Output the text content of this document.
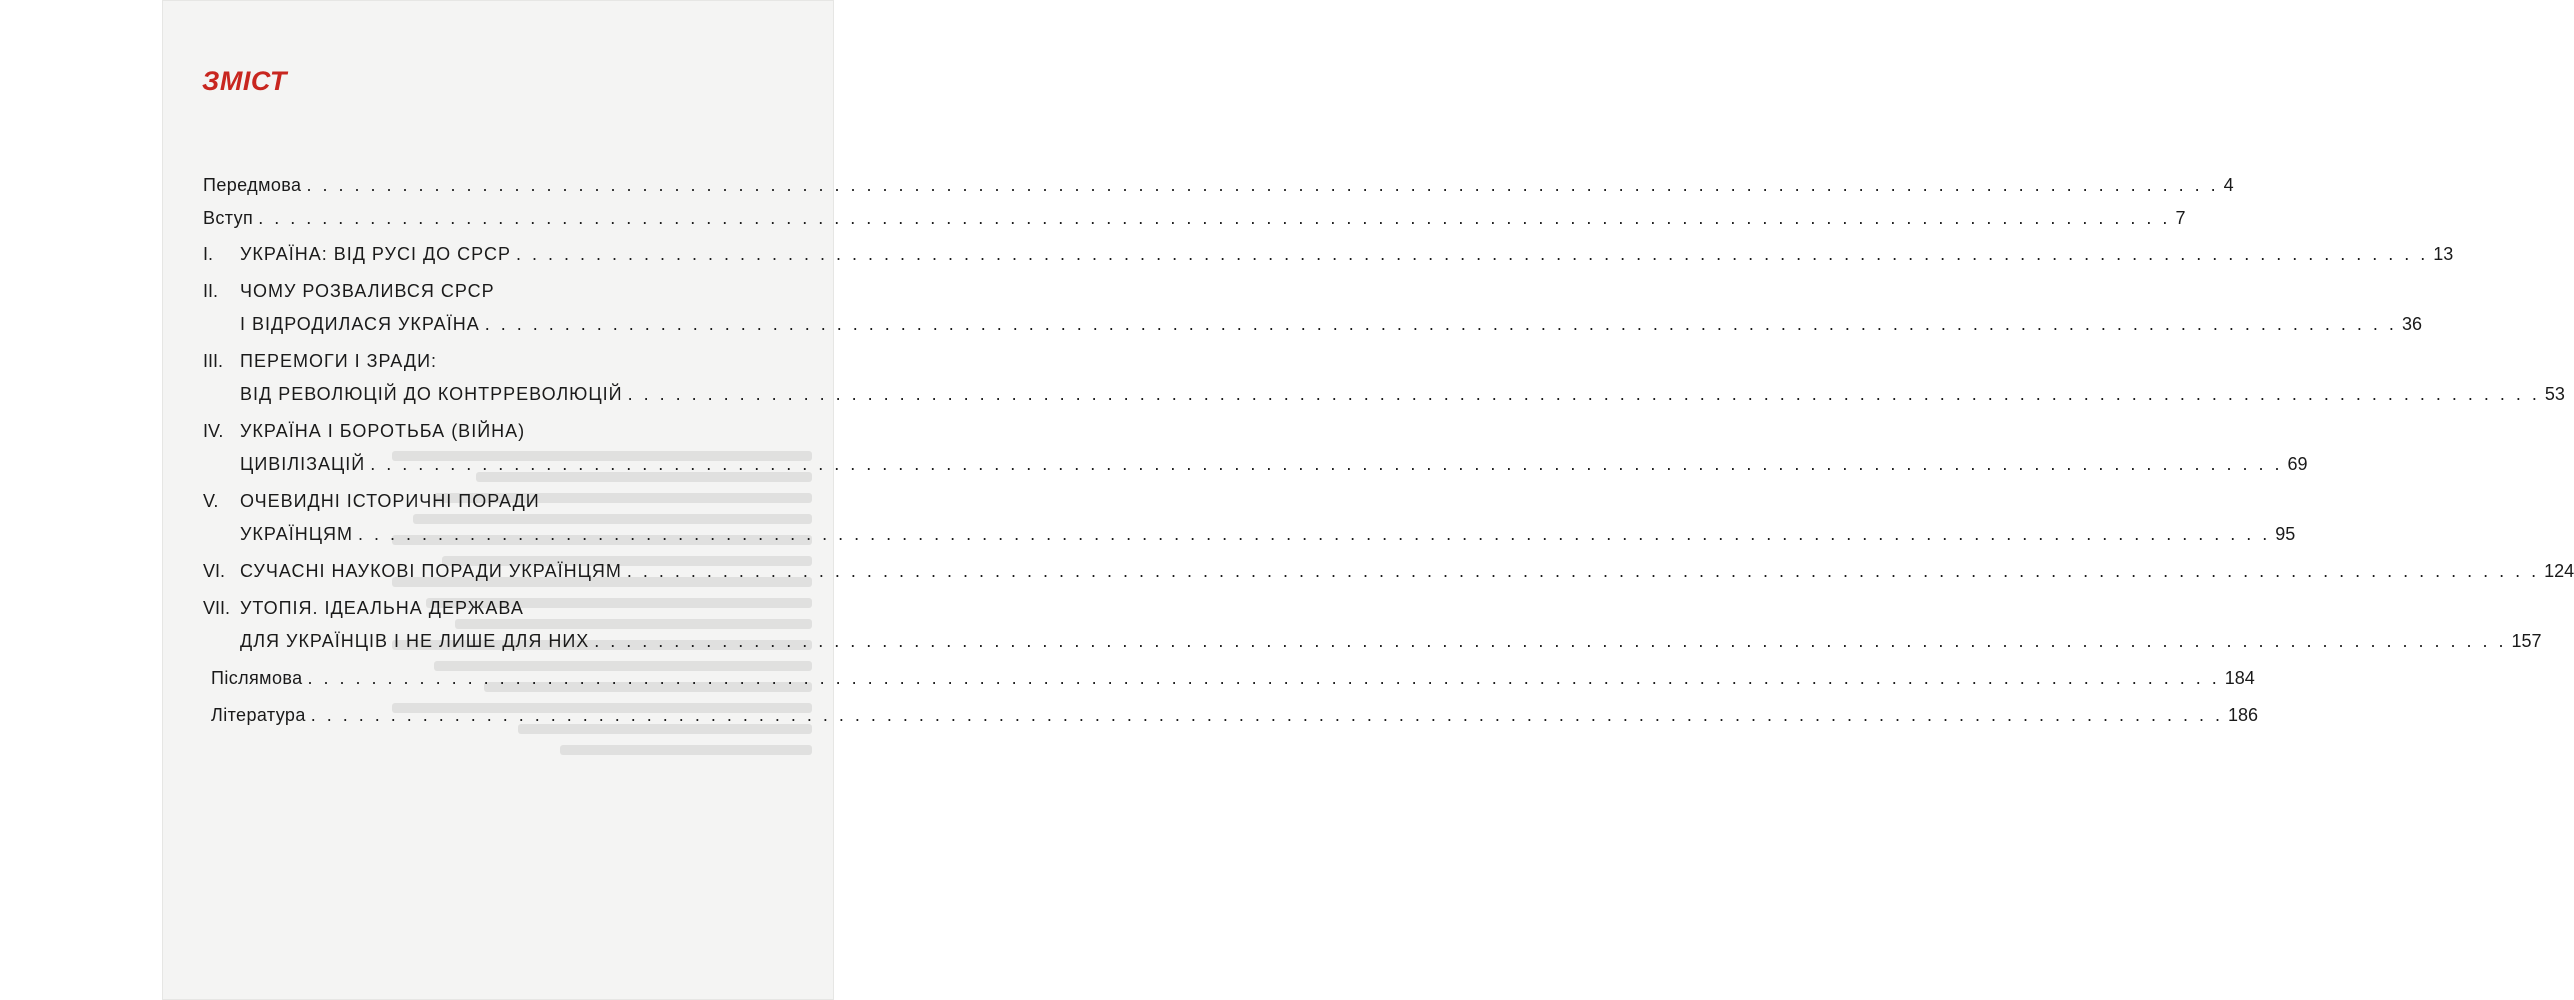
ЗМІСТ
Передмова . . . . . . . . . . . . . . . . . . . . . . . . . . . . . . . . . . . . . . . . . . . . . . . . . . . . . . . . . . . . . . . . . . . . . . . . . . . . . . . . . . . . . . . . . . . . . . . . . . . . . . . . . . . . . . . . . . . . . . . . 4
Вступ . . . . . . . . . . . . . . . . . . . . . . . . . . . . . . . . . . . . . . . . . . . . . . . . . . . . . . . . . . . . . . . . . . . . . . . . . . . . . . . . . . . . . . . . . . . . . . . . . . . . . . . . . . . . . . . . . . . . . . . . 7
I.	УКРАЇНА: ВІД РУСІ ДО СРСР . . . . . . . . . . . . . . . . . . . . . . . . . . . . . . . . . . . . . . . . . . . . . . . . . . . . . . . . . . . . . . . . . . . . . . . . . . . . . . . . . . . . . . . . . . . . . . . . . . . . . . . . . . . . . . . . . . . . . . . . 13
II.	ЧОМУ РОЗВАЛИВСЯ СРСР
І ВІДРОДИЛАСЯ УКРАЇНА . . . . . . . . . . . . . . . . . . . . . . . . . . . . . . . . . . . . . . . . . . . . . . . . . . . . . . . . . . . . . . . . . . . . . . . . . . . . . . . . . . . . . . . . . . . . . . . . . . . . . . . . . . . . . . . . . . . . . . . . 36
III. ПЕРЕМОГИ І ЗРАДИ:
ВІД РЕВОЛЮЦІЙ ДО КОНТРРЕВОЛЮЦІЙ . . . . . . . . . . . . . . . . . . . . . . . . . . . . . . . . . . . . . . . . . . . . . . . . . . . . . . . . . . . . . . . . . . . . . . . . . . . . . . . . . . . . . . . . . . . . . . . . . . . . . . . . . . . . . . . . . . . . . . . . 53
IV. УКРАЇНА І БОРОТЬБА (ВІЙНА)
ЦИВІЛІЗАЦІЙ . . . . . . . . . . . . . . . . . . . . . . . . . . . . . . . . . . . . . . . . . . . . . . . . . . . . . . . . . . . . . . . . . . . . . . . . . . . . . . . . . . . . . . . . . . . . . . . . . . . . . . . . . . . . . . . . . . . . . . . . 69
V.	ОЧЕВИДНІ ІСТОРИЧНІ ПОРАДИ
УКРАЇНЦЯМ . . . . . . . . . . . . . . . . . . . . . . . . . . . . . . . . . . . . . . . . . . . . . . . . . . . . . . . . . . . . . . . . . . . . . . . . . . . . . . . . . . . . . . . . . . . . . . . . . . . . . . . . . . . . . . . . . . . . . . . . 95
VI. СУЧАСНІ НАУКОВІ ПОРАДИ УКРАЇНЦЯМ . . . . . . . . . . . . . . . . . . . . . . . . . . . . . . . . . . . . . . . . . . . . . . . . . . . . . . . . . . . . . . . . . . . . . . . . . . . . . . . . . . . . . . . . . . . . . . . . . . . . . . . . . . . . . . . . . . . . . . . . 124
VII. УТОПІЯ. ІДЕАЛЬНА ДЕРЖАВА
ДЛЯ УКРАЇНЦІВ І НЕ ЛИШЕ ДЛЯ НИХ . . . . . . . . . . . . . . . . . . . . . . . . . . . . . . . . . . . . . . . . . . . . . . . . . . . . . . . . . . . . . . . . . . . . . . . . . . . . . . . . . . . . . . . . . . . . . . . . . . . . . . . . . . . . . . . . . . . . . . . . 157
Післямова . . . . . . . . . . . . . . . . . . . . . . . . . . . . . . . . . . . . . . . . . . . . . . . . . . . . . . . . . . . . . . . . . . . . . . . . . . . . . . . . . . . . . . . . . . . . . . . . . . . . . . . . . . . . . . . . . . . . . . . . 184
Література . . . . . . . . . . . . . . . . . . . . . . . . . . . . . . . . . . . . . . . . . . . . . . . . . . . . . . . . . . . . . . . . . . . . . . . . . . . . . . . . . . . . . . . . . . . . . . . . . . . . . . . . . . . . . . . . . . . . . . . . 186
